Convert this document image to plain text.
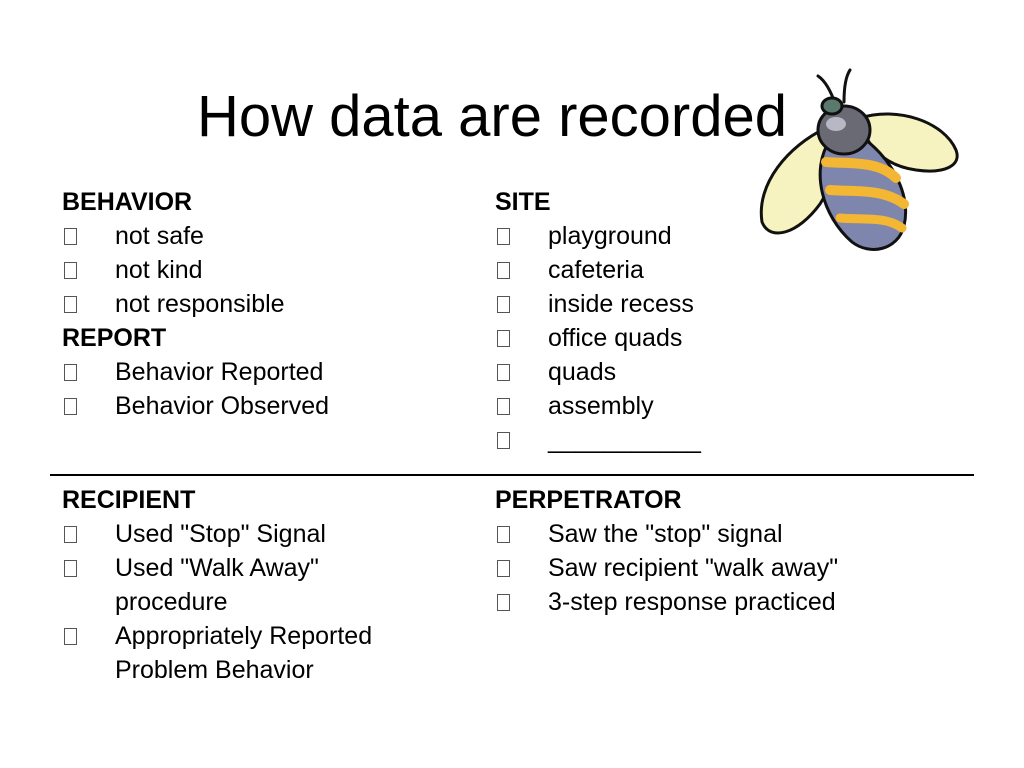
How data are recorded
BEHAVIOR
not safe
not kind
not responsible
REPORT
Behavior Reported
Behavior Observed
SITE
playground
cafeteria
inside recess
office quads
quads
assembly
___________
RECIPIENT
Used "Stop" Signal
Used "Walk Away" procedure
Appropriately Reported Problem Behavior
PERPETRATOR
Saw the "stop" signal
Saw recipient "walk away"
3-step response practiced
